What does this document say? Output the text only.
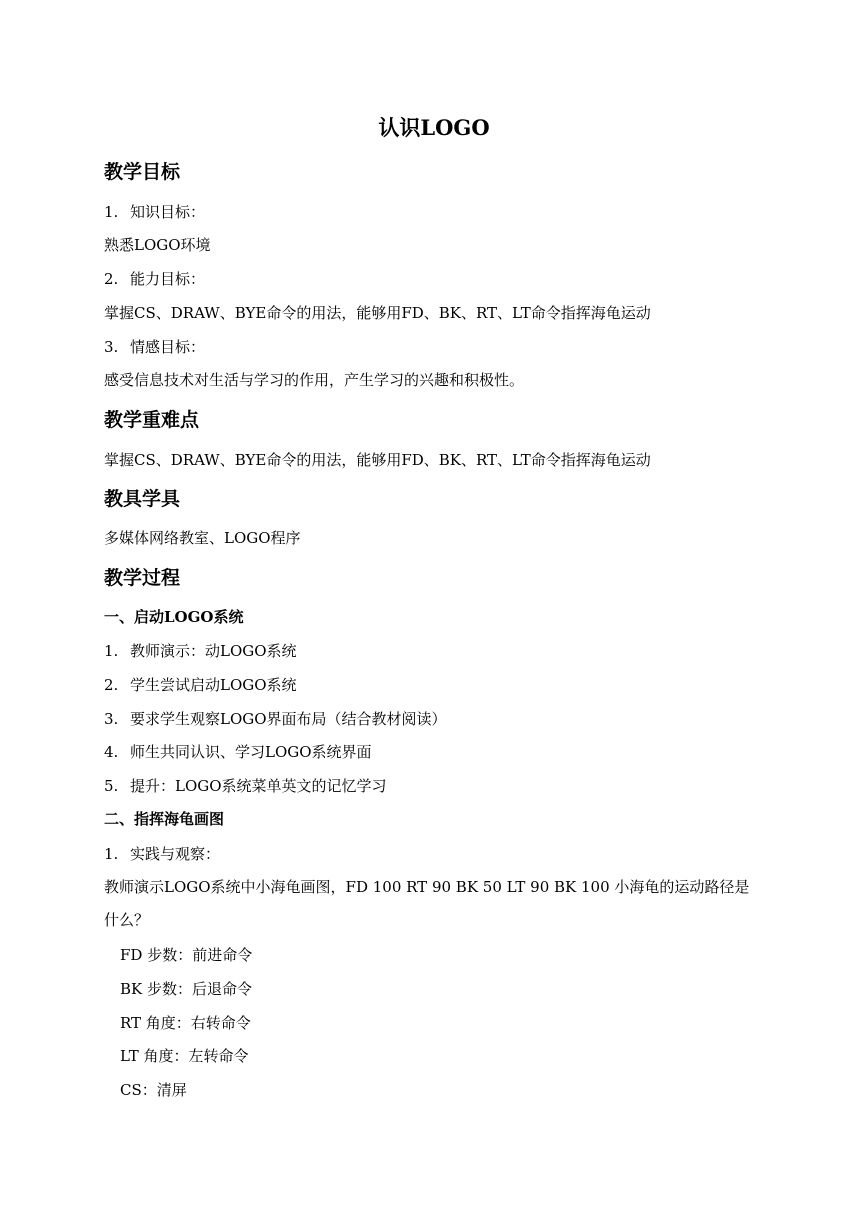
认识LOGO
教学目标
1. 知识目标：
熟悉LOGO环境
2. 能力目标：
掌握CS、DRAW、BYE命令的用法，能够用FD、BK、RT、LT命令指挥海龟运动
3. 情感目标：
感受信息技术对生活与学习的作用，产生学习的兴趣和积极性。
教学重难点
掌握CS、DRAW、BYE命令的用法，能够用FD、BK、RT、LT命令指挥海龟运动
教具学具
多媒体网络教室、LOGO程序
教学过程
一、启动LOGO系统
1. 教师演示：动LOGO系统
2. 学生尝试启动LOGO系统
3. 要求学生观察LOGO界面布局（结合教材阅读）
4. 师生共同认识、学习LOGO系统界面
5. 提升：LOGO系统菜单英文的记忆学习
二、指挥海龟画图
1. 实践与观察：
教师演示LOGO系统中小海龟画图，FD 100 RT 90 BK 50 LT 90 BK 100 小海龟的运动路径是什么？
FD 步数：前进命令
BK 步数：后退命令
RT 角度：右转命令
LT 角度：左转命令
CS：清屏
